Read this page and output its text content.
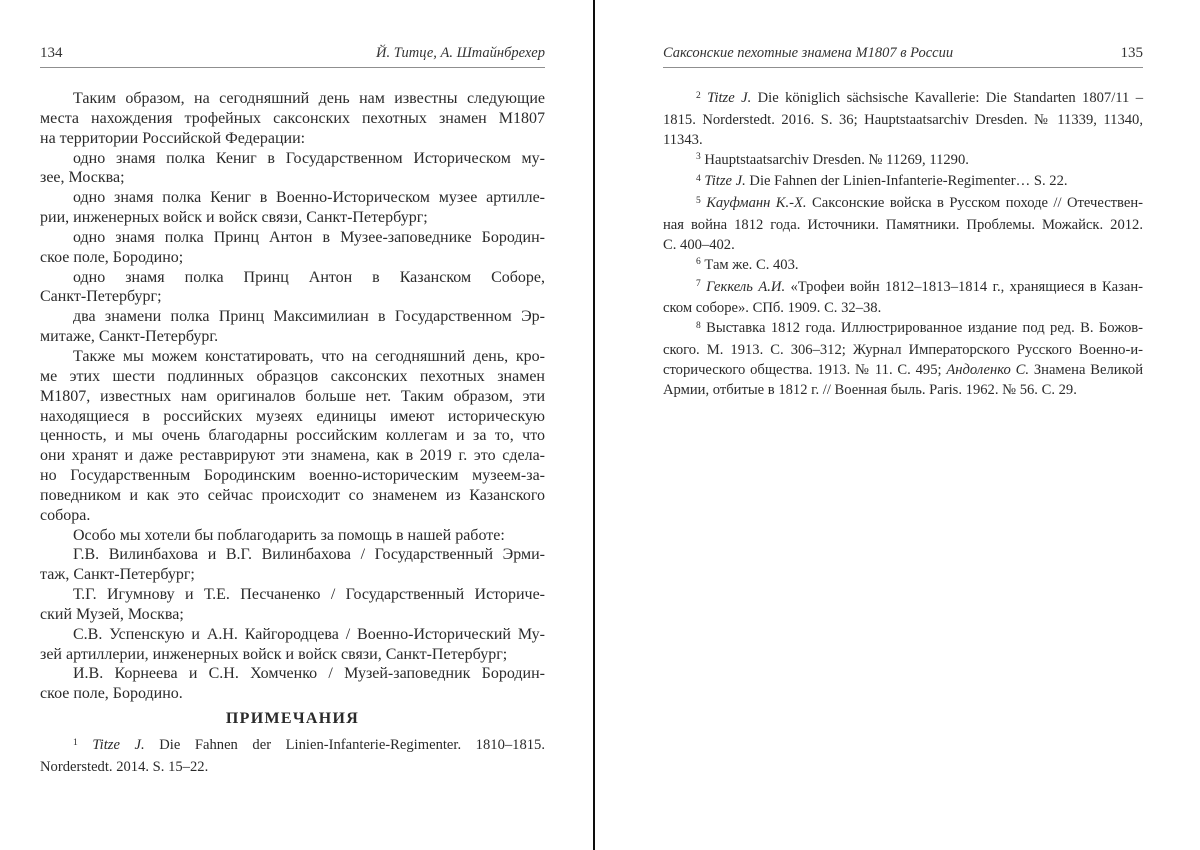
134	Й. Титце, А. Штайнбрехер
Таким образом, на сегодняшний день нам известны следующие
места нахождения трофейных саксонских пехотных знамен М1807
на территории Российской Федерации:
одно знамя полка Кениг в Государственном Историческом му-
зее, Москва;
одно знамя полка Кениг в Военно-Историческом музее артилле-
рии, инженерных войск и войск связи, Санкт-Петербург;
одно знамя полка Принц Антон в Музее-заповеднике Бородин-
ское поле, Бородино;
одно знамя полка Принц Антон в Казанском Соборе,
Санкт-Петербург;
два знамени полка Принц Максимилиан в Государственном Эр-
митаже, Санкт-Петербург.
Также мы можем констатировать, что на сегодняшний день, кро-
ме этих шести подлинных образцов саксонских пехотных знамен
М1807, известных нам оригиналов больше нет. Таким образом, эти
находящиеся в российских музеях единицы имеют историческую
ценность, и мы очень благодарны российским коллегам и за то, что
они хранят и даже реставрируют эти знамена, как в 2019 г. это сдела-
но Государственным Бородинским военно-историческим музеем-за-
поведником и как это сейчас происходит со знаменем из Казанского
собора.
Особо мы хотели бы поблагодарить за помощь в нашей работе:
Г.В. Вилинбахова и В.Г. Вилинбахова / Государственный Эрми-
таж, Санкт-Петербург;
Т.Г. Игумнову и Т.Е. Песчаненко / Государственный Историче-
ский Музей, Москва;
С.В. Успенскую и А.Н. Кайгородцева / Военно-Исторический Му-
зей артиллерии, инженерных войск и войск связи, Санкт-Петербург;
И.В. Корнеева и С.Н. Хомченко / Музей-заповедник Бородин-
ское поле, Бородино.
ПРИМЕЧАНИЯ
$^1$ Titze J. Die Fahnen der Linien-Infanterie-Regimenter. 1810–1815.
Norderstedt. 2014. S. 15–22.
Саксонские пехотные знамена М1807 в России	135
$^2$ Titze J. Die königlich sächsische Kavallerie: Die Standarten 1807/11 –
1815. Norderstedt. 2016. S. 36; Hauptstaatsarchiv Dresden. № 11339, 11340,
11343.
$^3$ Hauptstaatsarchiv Dresden. № 11269, 11290.
$^4$ Titze J. Die Fahnen der Linien-Infanterie-Regimenter… S. 22.
$^5$ Кауфманн К.-Х. Саксонские войска в Русском походе // Отечествен-
ная война 1812 года. Источники. Памятники. Проблемы. Можайск. 2012.
С. 400–402.
$^6$ Там же. С. 403.
$^7$ Геккель А.И. «Трофеи войн 1812–1813–1814 г., хранящиеся в Казан-
ском соборе». СПб. 1909. С. 32–38.
$^8$ Выставка 1812 года. Иллюстрированное издание под ред. В. Божов-
ского. М. 1913. С. 306–312; Журнал Императорского Русского Военно-и-
сторического общества. 1913. № 11. С. 495; Андоленко С. Знамена Великой
Армии, отбитые в 1812 г. // Военная быль. Paris. 1962. № 56. С. 29.
